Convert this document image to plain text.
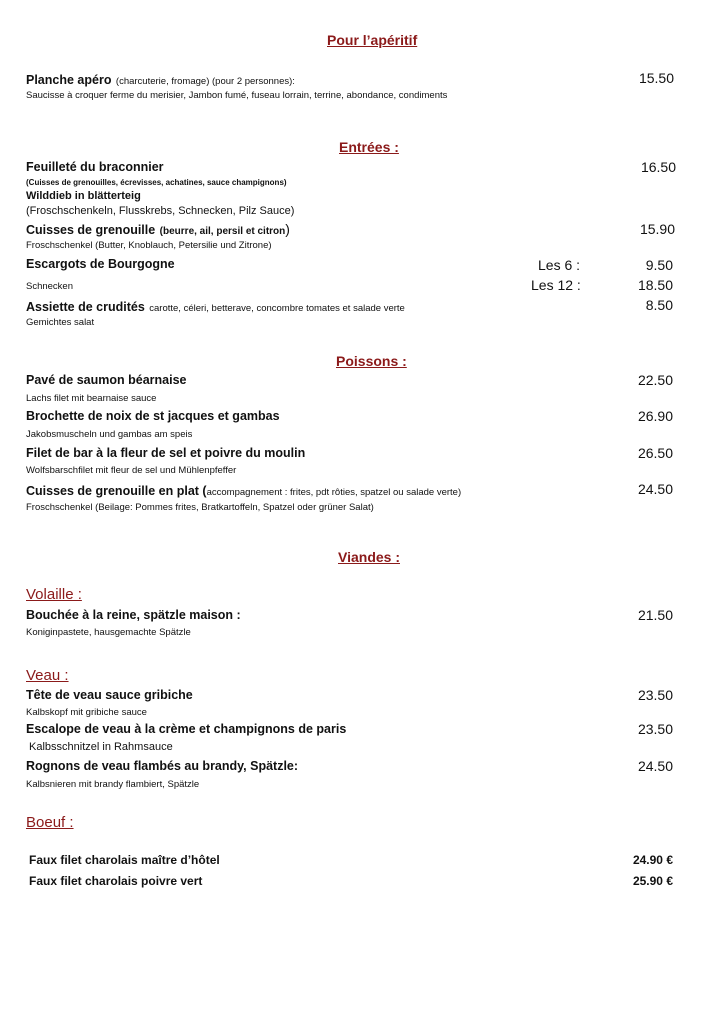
Pour l’apéritif
Planche apéro (charcuterie, fromage) (pour 2 personnes):
Saucisse à croquer ferme du merisier, Jambon fumé, fuseau lorrain, terrine, abondance, condiments
15.50
Entrées :
Feuilleté du braconnier
(Cuisses de grenouilles, écrevisses, achatines, sauce champignons)
Wilddieb in blätterteig
(Froschschenkeln, Flusskrebs, Schnecken, Pilz Sauce)
16.50
Cuisses de grenouille (beurre, ail, persil et citron)
Froschschenkel (Butter, Knoblauch, Petersilie und Zitrone)
15.90
Escargots de Bourgogne
Schnecken
Les 6 :	9.50
Les 12 :	18.50
Assiette de crudités carotte, céleri, betterave, concombre tomates et salade verte
Gemichtes salat
8.50
Poissons :
Pavé de saumon béarnaise
Lachs filet mit bearnaise sauce
22.50
Brochette de noix de st jacques et gambas
Jakobsmuscheln und gambas am speis
26.90
Filet de bar à la fleur de sel et poivre du moulin
Wolfsbarschfilet mit fleur de sel und Mühlenpfeffer
26.50
Cuisses de grenouille en plat (accompagnement : frites, pdt rôties, spatzel ou salade verte)
Froschschenkel (Beilage: Pommes frites, Bratkartoffeln, Spatzel oder grüner Salat)
24.50
Viandes :
Volaille :
Bouchée à la reine, spätzle maison :
Koniginpastete, hausgemachte Spätzle
21.50
Veau :
Tête de veau sauce gribiche
Kalbskopf mit gribiche sauce
23.50
Escalope de veau à la crème et champignons de paris
Kalbsschnitzel in Rahmsauce
23.50
Rognons de veau flambés au brandy, Spätzle:
Kalbsnieren mit brandy flambiert, Spätzle
24.50
Boeuf :
Faux filet charolais maître d’hôtel	24.90 €
Faux filet charolais poivre vert	25.90 €
